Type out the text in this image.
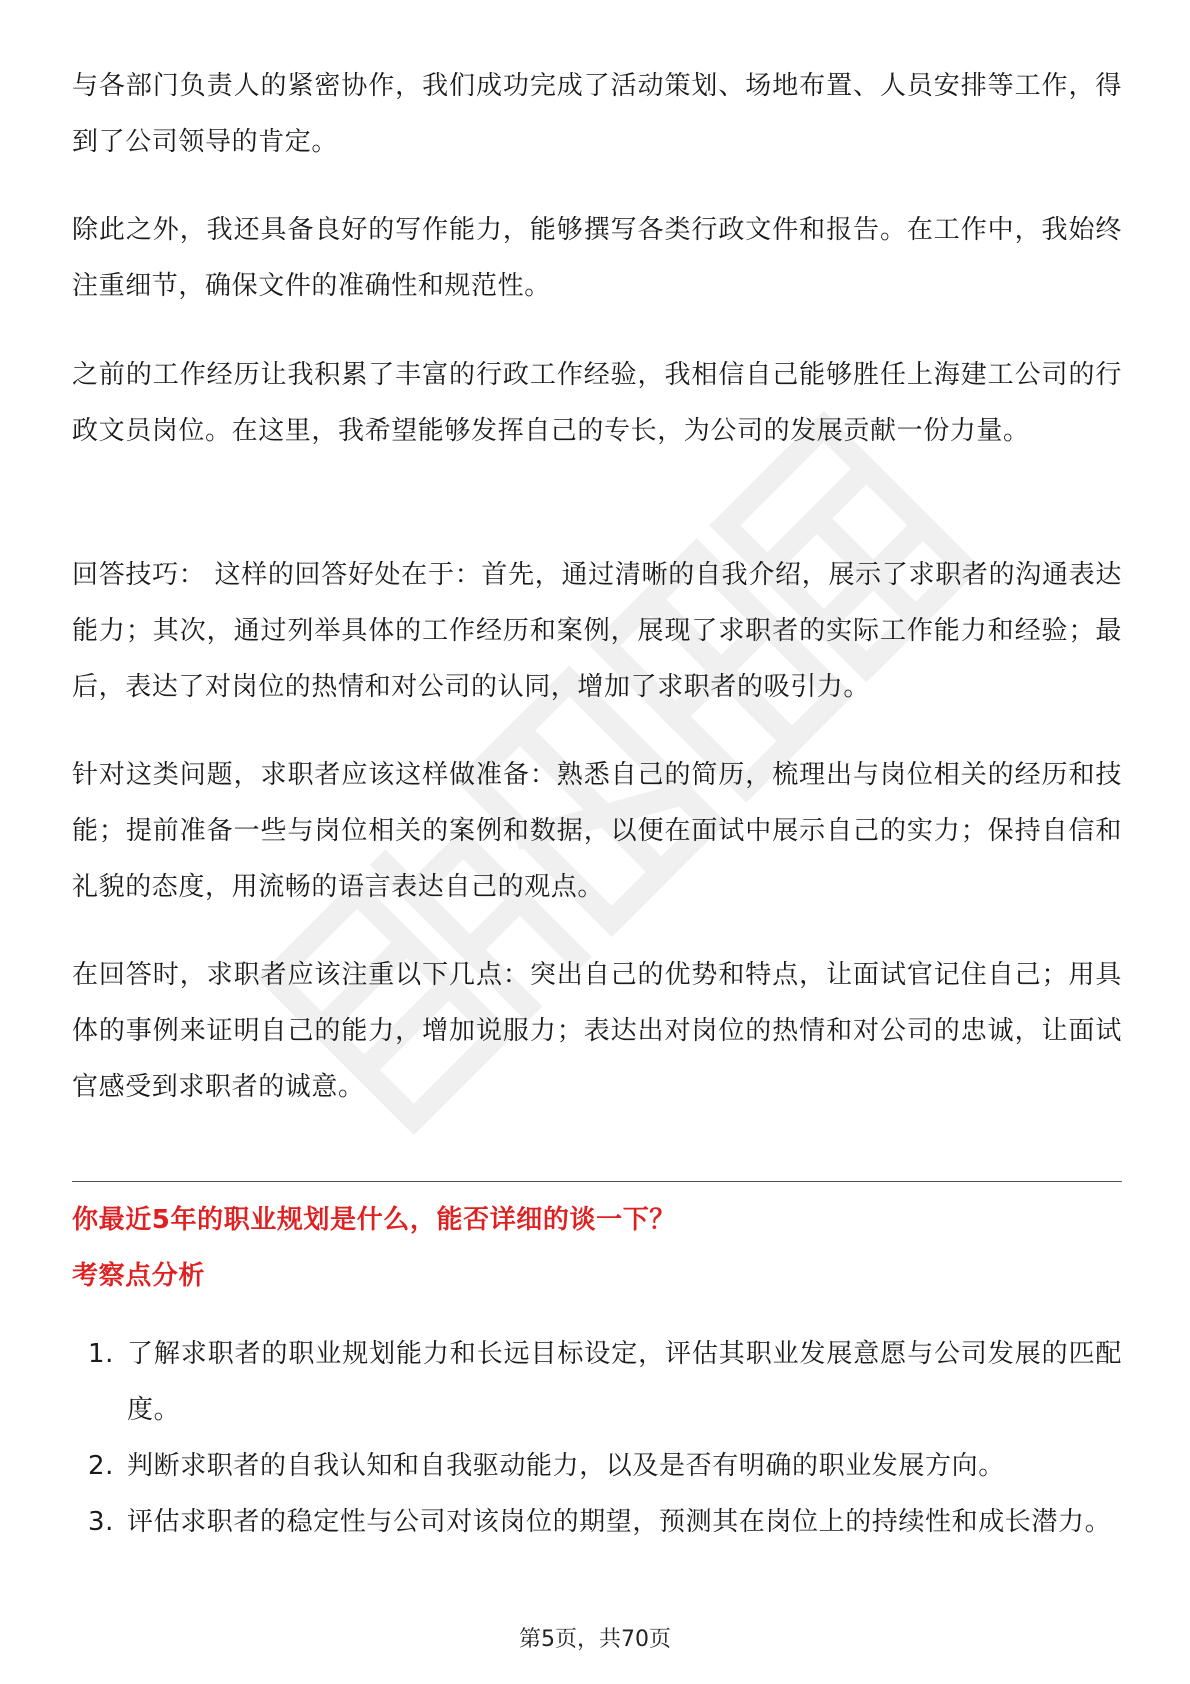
与各部门负责人的紧密协作，我们成功完成了活动策划、场地布置、人员安排等工作，得到了公司领导的肯定。

除此之外，我还具备良好的写作能力，能够撰写各类行政文件和报告。在工作中，我始终注重细节，确保文件的准确性和规范性。

之前的工作经历让我积累了丰富的行政工作经验，我相信自己能够胜任上海建工公司的行政文员岗位。在这里，我希望能够发挥自己的专长，为公司的发展贡献一份力量。

回答技巧： 这样的回答好处在于：首先，通过清晰的自我介绍，展示了求职者的沟通表达能力；其次，通过列举具体的工作经历和案例，展现了求职者的实际工作能力和经验；最后，表达了对岗位的热情和对公司的认同，增加了求职者的吸引力。

针对这类问题，求职者应该这样做准备：熟悉自己的简历，梳理出与岗位相关的经历和技能；提前准备一些与岗位相关的案例和数据，以便在面试中展示自己的实力；保持自信和礼貌的态度，用流畅的语言表达自己的观点。

在回答时，求职者应该注重以下几点：突出自己的优势和特点，让面试官记住自己；用具体的事例来证明自己的能力，增加说服力；表达出对岗位的热情和对公司的忠诚，让面试官感受到求职者的诚意。

你最近5年的职业规划是什么，能否详细的谈一下？
考察点分析
1. 了解求职者的职业规划能力和长远目标设定，评估其职业发展意愿与公司发展的匹配度。
2. 判断求职者的自我认知和自我驱动能力，以及是否有明确的职业发展方向。
3. 评估求职者的稳定性与公司对该岗位的期望，预测其在岗位上的持续性和成长潜力。
第5页，共70页
